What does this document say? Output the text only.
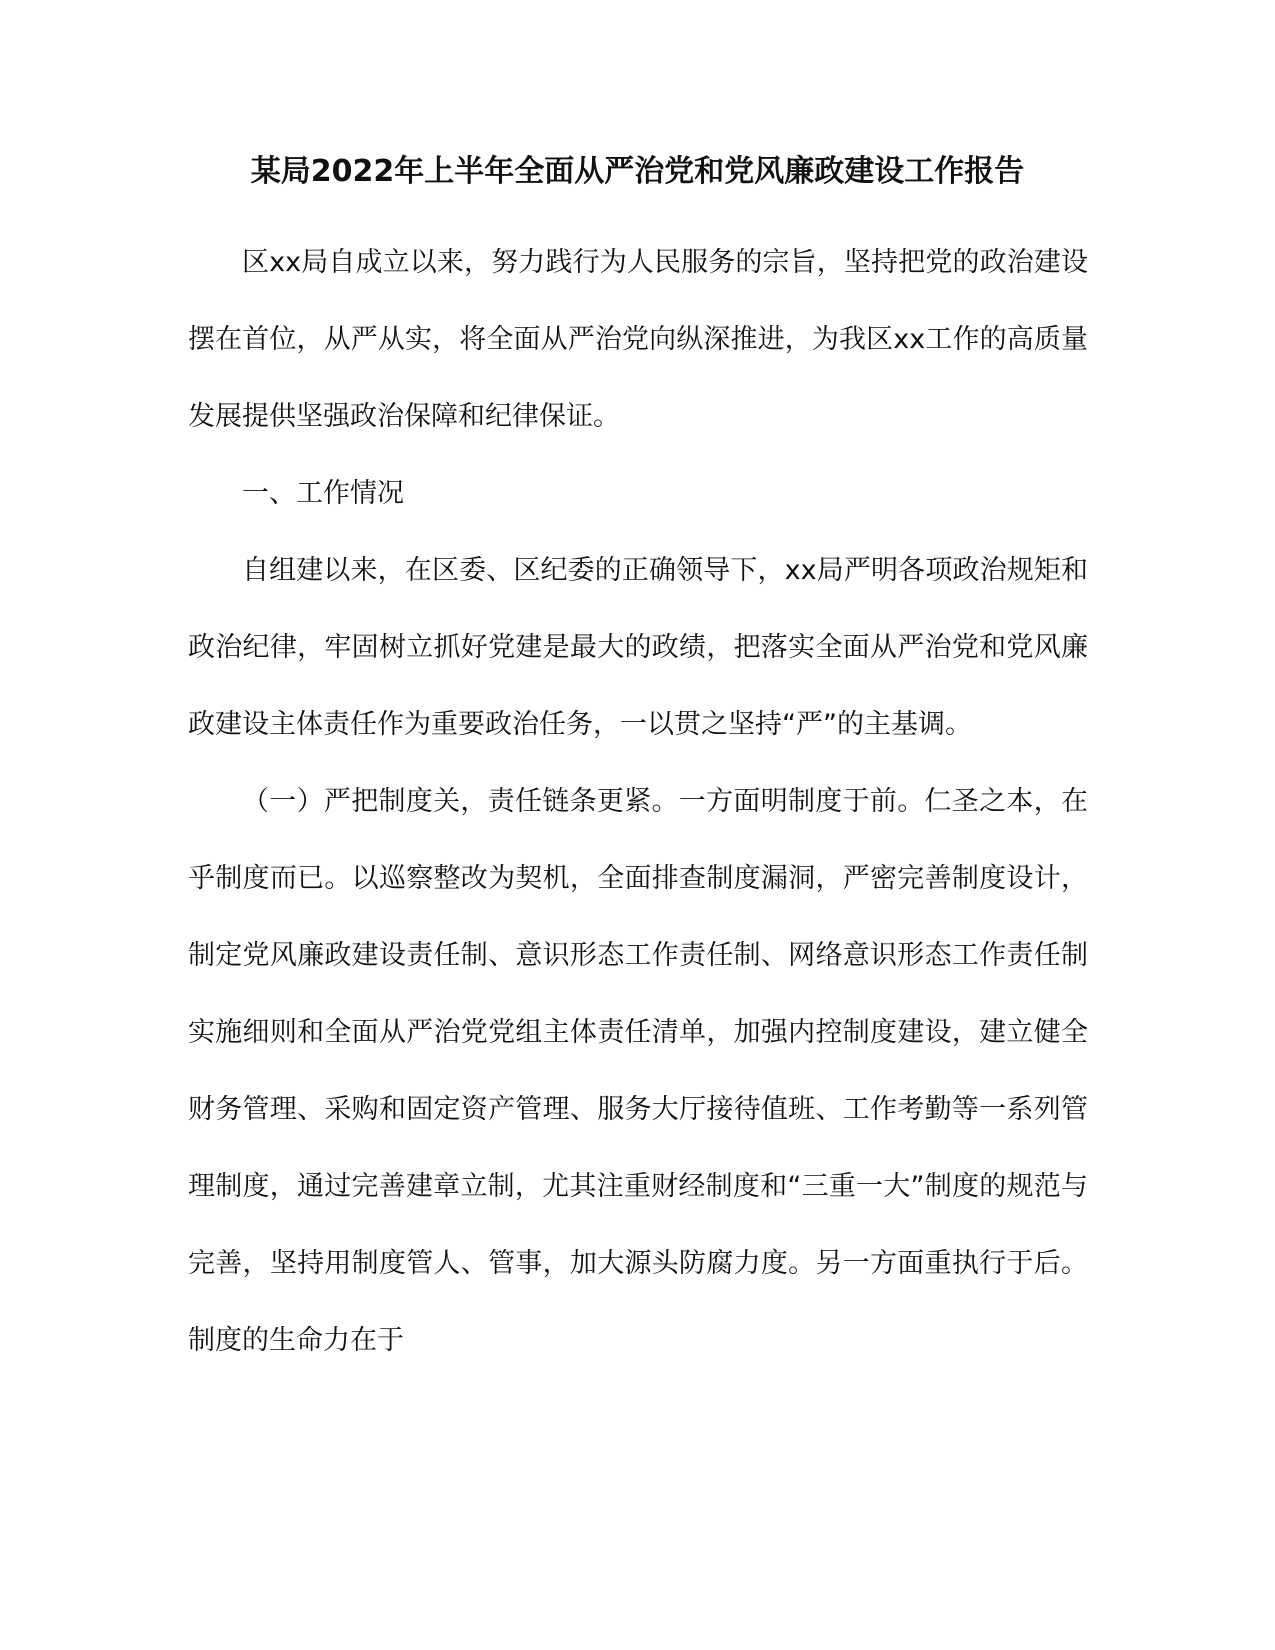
某局2022年上半年全面从严治党和党风廉政建设工作报告

区xx局自成立以来，努力践行为人民服务的宗旨，坚持把党的政治建设摆在首位，从严从实，将全面从严治党向纵深推进，为我区xx工作的高质量发展提供坚强政治保障和纪律保证。

一、工作情况

自组建以来，在区委、区纪委的正确领导下，xx局严明各项政治规矩和政治纪律，牢固树立抓好党建是最大的政绩，把落实全面从严治党和党风廉政建设主体责任作为重要政治任务，一以贯之坚持“严”的主基调。

（一）严把制度关，责任链条更紧。一方面明制度于前。仁圣之本，在乎制度而已。以巡察整改为契机，全面排查制度漏洞，严密完善制度设计，制定党风廉政建设责任制、意识形态工作责任制、网络意识形态工作责任制实施细则和全面从严治党党组主体责任清单，加强内控制度建设，建立健全财务管理、采购和固定资产管理、服务大厅接待值班、工作考勤等一系列管理制度，通过完善建章立制，尤其注重财经制度和“三重一大”制度的规范与完善，坚持用制度管人、管事，加大源头防腐力度。另一方面重执行于后。制度的生命力在于
